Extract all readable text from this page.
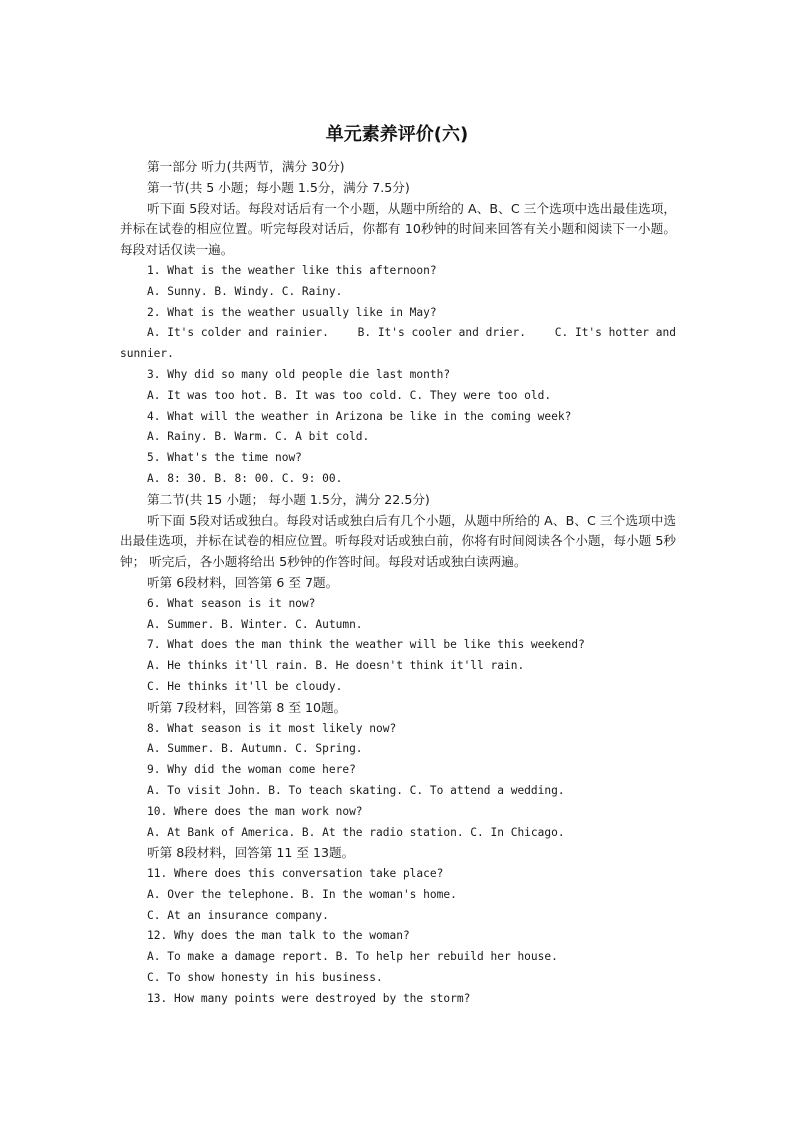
单元素养评价(六)

第一部分 听力(共两节，满分 30分)

第一节(共 5 小题；每小题 1.5分，满分 7.5分)

听下面 5段对话。每段对话后有一个小题，从题中所给的 A、B、C 三个选项中选出最佳选项，并标在试卷的相应位置。听完每段对话后，你都有 10秒钟的时间来回答有关小题和阅读下一小题。每段对话仅读一遍。

1. What is the weather like this afternoon?

A. Sunny. B. Windy. C. Rainy.

2. What is the weather usually like in May?

A. It's colder and rainier.	B. It's cooler and drier.	C. It's hotter and

sunnier.

3. Why did so many old people die last month?

A. It was too hot. B. It was too cold. C. They were too old.

4. What will the weather in Arizona be like in the coming week?

A. Rainy. B. Warm. C. A bit cold.

5. What's the time now?

A. 8: 30. B. 8: 00. C. 9: 00.

第二节(共 15 小题； 每小题 1.5分，满分 22.5分)

听下面 5段对话或独白。每段对话或独白后有几个小题，从题中所给的 A、B、C 三个选项中选出最佳选项，并标在试卷的相应位置。听每段对话或独白前，你将有时间阅读各个小题，每小题 5秒钟； 听完后，各小题将给出 5秒钟的作答时间。每段对话或独白读两遍。

听第 6段材料，回答第 6 至 7题。

6. What season is it now?

A. Summer. B. Winter. C. Autumn.

7. What does the man think the weather will be like this weekend?

A. He thinks it'll rain. B. He doesn't think it'll rain.

C. He thinks it'll be cloudy.

听第 7段材料，回答第 8 至 10题。

8. What season is it most likely now?

A. Summer. B. Autumn. C. Spring.

9. Why did the woman come here?

A. To visit John. B. To teach skating. C. To attend a wedding.

10. Where does the man work now?

A. At Bank of America. B. At the radio station. C. In Chicago.

听第 8段材料，回答第 11 至 13题。

11. Where does this conversation take place?

A. Over the telephone. B. In the woman's home.

C. At an insurance company.

12. Why does the man talk to the woman?

A. To make a damage report. B. To help her rebuild her house.

C. To show honesty in his business.

13. How many points were destroyed by the storm?
